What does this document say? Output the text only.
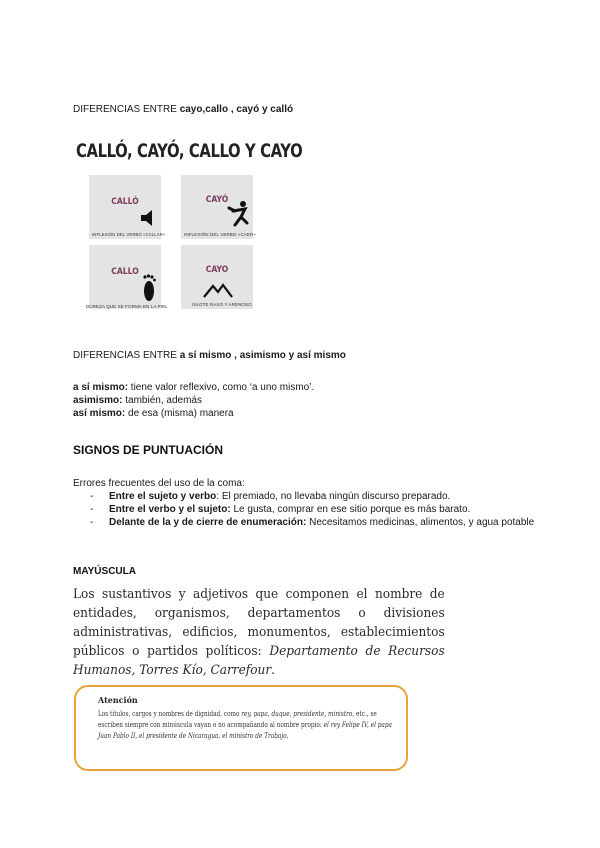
DIFERENCIAS ENTRE cayo,callo , cayó y calló
CALLÓ, CAYÓ, CALLO Y CAYO
CALLÓ
INFLEXIÓN DEL VERBO «CALLAR»
CAYÓ
INFLEXIÓN DEL VERBO «CAER»
CALLO
DUREZA QUE SE FORMA EN LA PIEL
CAYO
ISLOTE RASO Y ARENOSO
DIFERENCIAS ENTRE a sí mismo , asimismo y así mismo
a sí mismo: tiene valor reflexivo, como ‘a uno mismo’.
asimismo: también, además
así mismo: de esa (misma) manera
SIGNOS DE PUNTUACIÓN
Errores frecuentes del uso de la coma:
- Entre el sujeto y verbo: El premiado, no llevaba ningún discurso preparado.
- Entre el verbo y el sujeto: Le gusta, comprar en ese sitio porque es más barato.
- Delante de la y de cierre de enumeración: Necesitamos medicinas, alimentos, y agua potable
MAYÚSCULA
Los sustantivos y adjetivos que componen el nombre de entidades, organismos, departamentos o divisiones administrativas, edificios, monumentos, establecimientos públicos o partidos políticos: Departamento de Recursos Humanos, Torres Kío, Carrefour.
Atención
Los títulos, cargos y nombres de dignidad, como rey, papa, duque, presidente, ministro, etc., se escriben siempre con minúscula vayan o no acompañando al nombre propio: el rey Felipe IV, el papa Juan Pablo II, el presidente de Nicaragua, el ministro de Trabajo.
